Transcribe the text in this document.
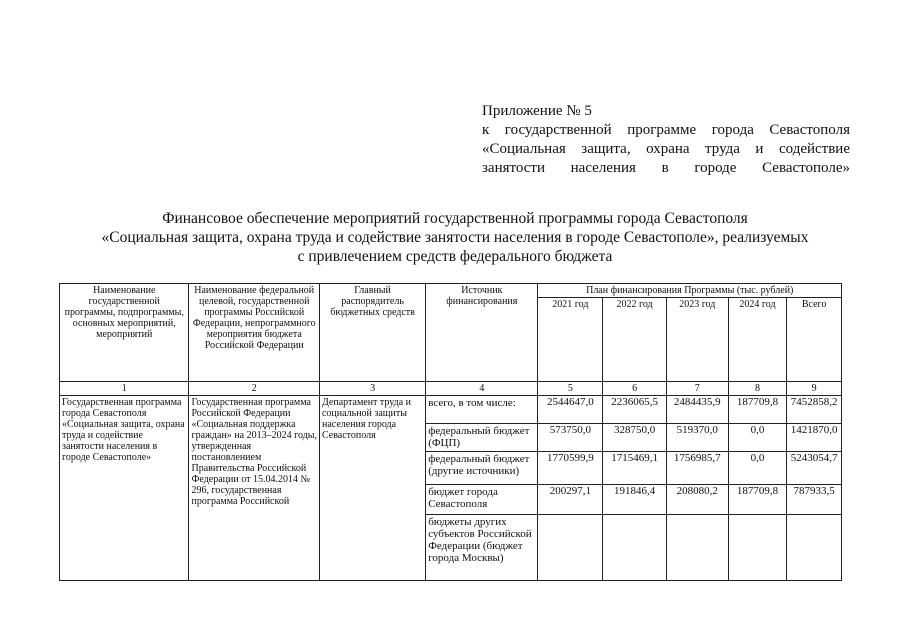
Приложение № 5
к государственной программе города Севастополя
«Социальная защита, охрана труда и содействие
занятости населения в городе Севастополе»
Финансовое обеспечение мероприятий государственной программы города Севастополя
«Социальная защита, охрана труда и содействие занятости населения в городе Севастополе», реализуемых
с привлечением средств федерального бюджета
Наименование государственной программы, подпрограммы, основных мероприятий, мероприятий	Наименование федеральной целевой, государственной программы Российской Федерации, непрограммного мероприятия бюджета Российской Федерации	Главный распорядитель бюджетных средств	Источник финансирования	План финансирования Программы (тыс. рублей)				
				2021 год	2022 год	2023 год	2024 год	Всего
1	2	3	4	5	6	7	8	9
Государственная программа города Севастополя «Социальная защита, охрана труда и содействие занятости населения в городе Севастополе»	Государственная программа Российской Федерации «Социальная поддержка граждан» на 2013–2024 годы, утвержденная постановлением Правительства Российской Федерации от 15.04.2014 № 296, государственная программа Российской	Департамент труда и социальной защиты населения города Севастополя	всего, в том числе:	2544647,0	2236065,5	2484435,9	187709,8	7452858,2
			федеральный бюджет (ФЦП)	573750,0	328750,0	519370,0	0,0	1421870,0
			федеральный бюджет (другие источники)	1770599,9	1715469,1	1756985,7	0,0	5243054,7
			бюджет города Севастополя	200297,1	191846,4	208080,2	187709,8	787933,5
			бюджеты других субъектов Российской Федерации (бюджет города Москвы)					
